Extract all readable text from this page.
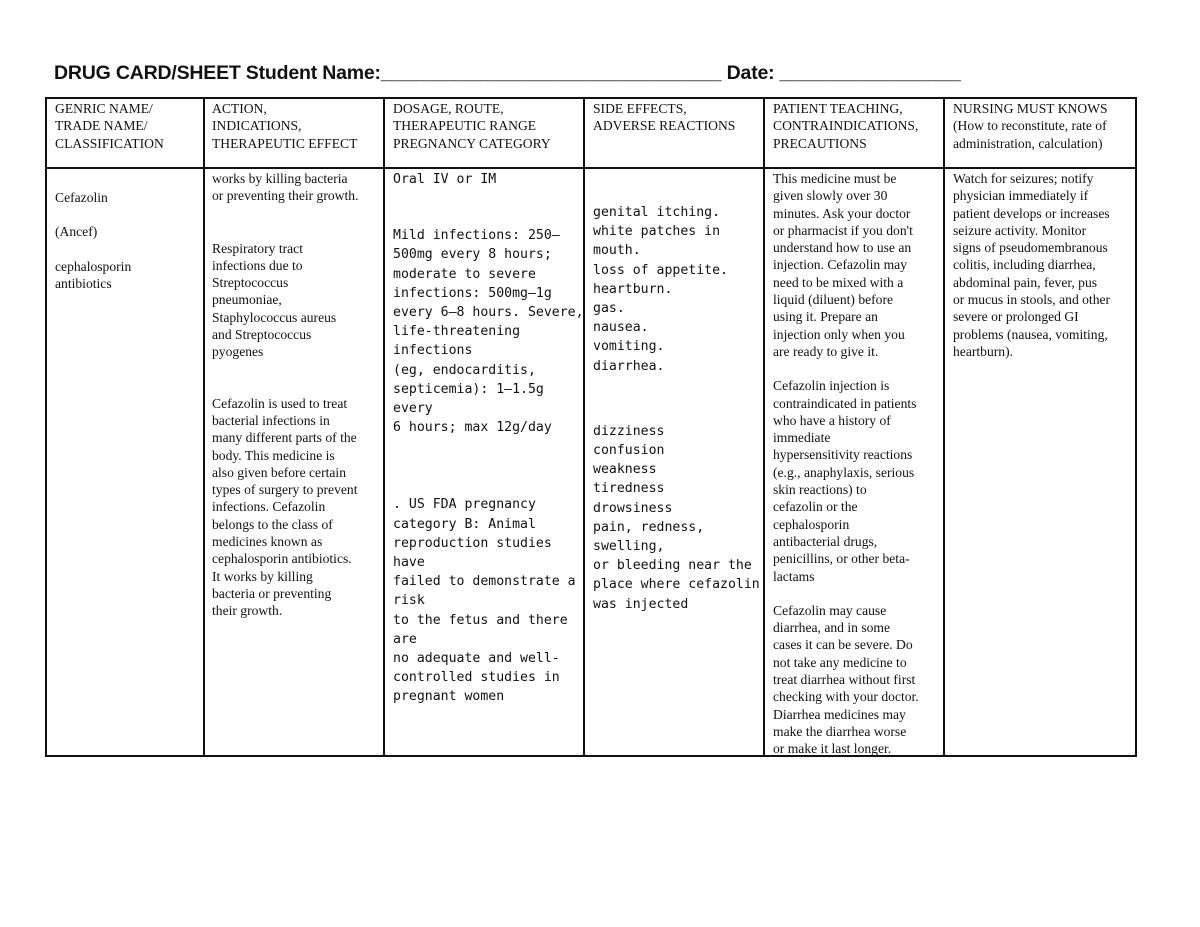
DRUG CARD/SHEET Student Name:________________________________ Date: _________________
GENRIC NAME/
TRADE NAME/
CLASSIFICATION
ACTION,
INDICATIONS,
THERAPEUTIC EFFECT
DOSAGE, ROUTE,
THERAPEUTIC RANGE
PREGNANCY CATEGORY
SIDE EFFECTS,
ADVERSE REACTIONS
PATIENT TEACHING,
CONTRAINDICATIONS,
PRECAUTIONS
NURSING MUST KNOWS
(How to reconstitute, rate of
administration, calculation)
Cefazolin
(Ancef)
cephalosporin
antibiotics
works by killing bacteria
or preventing their growth.
Respiratory tract
infections due to
Streptococcus
pneumoniae,
Staphylococcus aureus
and Streptococcus
pyogenes
Cefazolin is used to treat
bacterial infections in
many different parts of the
body. This medicine is
also given before certain
types of surgery to prevent
infections. Cefazolin
belongs to the class of
medicines known as
cephalosporin antibiotics.
It works by killing
bacteria or preventing
their growth.
Oral IV or IM
Mild infections: 250–
500mg every 8 hours;
moderate to severe
infections: 500mg–1g
every 6–8 hours. Severe,
life-threatening infections
(eg, endocarditis,
septicemia): 1–1.5g every
6 hours; max 12g/day
. US FDA pregnancy
category B: Animal
reproduction studies have
failed to demonstrate a risk
to the fetus and there are
no adequate and well-
controlled studies in
pregnant women
genital itching.
white patches in mouth.
loss of appetite.
heartburn.
gas.
nausea.
vomiting.
diarrhea.
dizziness
confusion
weakness
tiredness
drowsiness
pain, redness, swelling,
or bleeding near the
place where cefazolin
was injected
This medicine must be
given slowly over 30
minutes. Ask your doctor
or pharmacist if you don't
understand how to use an
injection. Cefazolin may
need to be mixed with a
liquid (diluent) before
using it. Prepare an
injection only when you
are ready to give it.
Cefazolin injection is
contraindicated in patients
who have a history of
immediate
hypersensitivity reactions
(e.g., anaphylaxis, serious
skin reactions) to
cefazolin or the
cephalosporin
antibacterial drugs,
penicillins, or other beta-
lactams
Cefazolin may cause
diarrhea, and in some
cases it can be severe. Do
not take any medicine to
treat diarrhea without first
checking with your doctor.
Diarrhea medicines may
make the diarrhea worse
or make it last longer.
Watch for seizures; notify
physician immediately if
patient develops or increases
seizure activity. Monitor
signs of pseudomembranous
colitis, including diarrhea,
abdominal pain, fever, pus
or mucus in stools, and other
severe or prolonged GI
problems (nausea, vomiting,
heartburn).
